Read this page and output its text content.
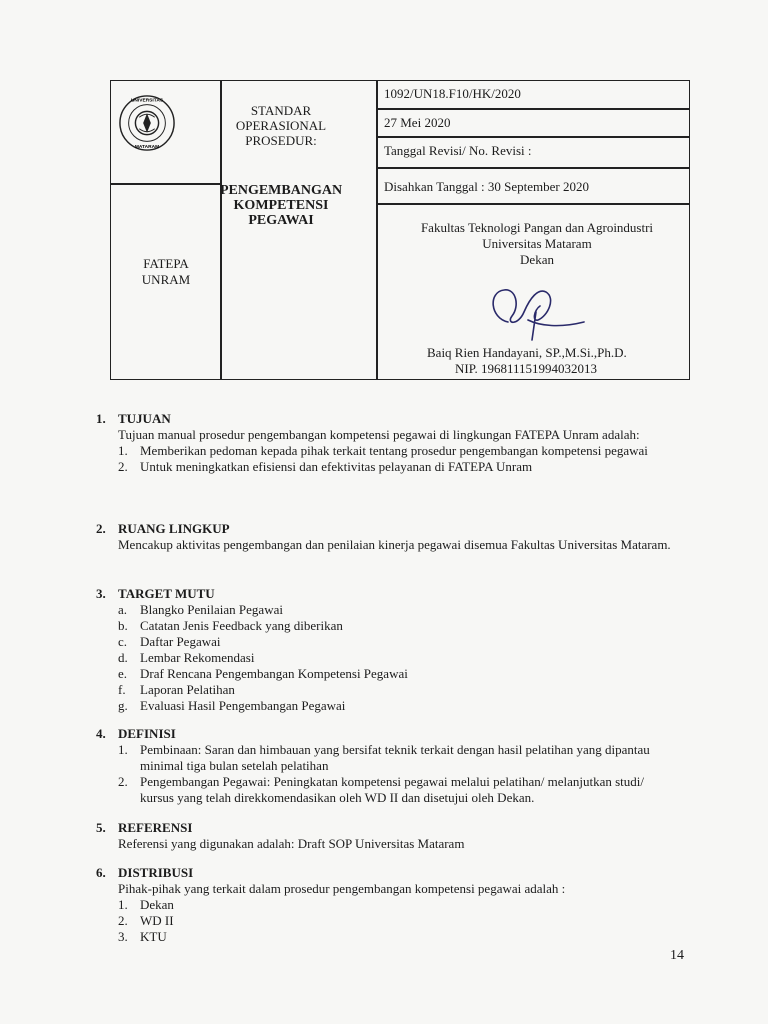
UNIVERSITAS
MATARAM
FATEPA
UNRAM
STANDAR OPERASIONAL PROSEDUR:
PENGEMBANGAN KOMPETENSI PEGAWAI
1092/UN18.F10/HK/2020
27 Mei 2020
Tanggal Revisi/ No. Revisi :
Disahkan Tanggal : 30 September 2020
Fakultas Teknologi Pangan dan Agroindustri
Universitas Mataram
Dekan
Baiq Rien Handayani, SP.,M.Si.,Ph.D.
NIP. 196811151994032013
1. TUJUAN
Tujuan manual prosedur pengembangan kompetensi pegawai di lingkungan FATEPA Unram adalah:
1. Memberikan pedoman kepada pihak terkait tentang prosedur pengembangan kompetensi pegawai
2. Untuk meningkatkan efisiensi dan efektivitas pelayanan di FATEPA Unram
2. RUANG LINGKUP
Mencakup aktivitas pengembangan dan penilaian kinerja pegawai disemua Fakultas Universitas Mataram.
3. TARGET MUTU
a. Blangko Penilaian Pegawai
b. Catatan Jenis Feedback yang diberikan
c. Daftar Pegawai
d. Lembar Rekomendasi
e. Draf Rencana Pengembangan Kompetensi Pegawai
f.	Laporan Pelatihan
g. Evaluasi Hasil Pengembangan Pegawai
4. DEFINISI
1. Pembinaan: Saran dan himbauan yang bersifat teknik terkait dengan hasil pelatihan yang dipantau minimal tiga bulan setelah pelatihan
2. Pengembangan Pegawai: Peningkatan kompetensi pegawai melalui pelatihan/ melanjutkan studi/ kursus yang telah direkkomendasikan oleh WD II dan disetujui oleh Dekan.
5. REFERENSI
Referensi yang digunakan adalah: Draft SOP Universitas Mataram
6. DISTRIBUSI
Pihak-pihak yang terkait dalam prosedur pengembangan kompetensi pegawai adalah :
1. Dekan
2. WD II
3. KTU
14
